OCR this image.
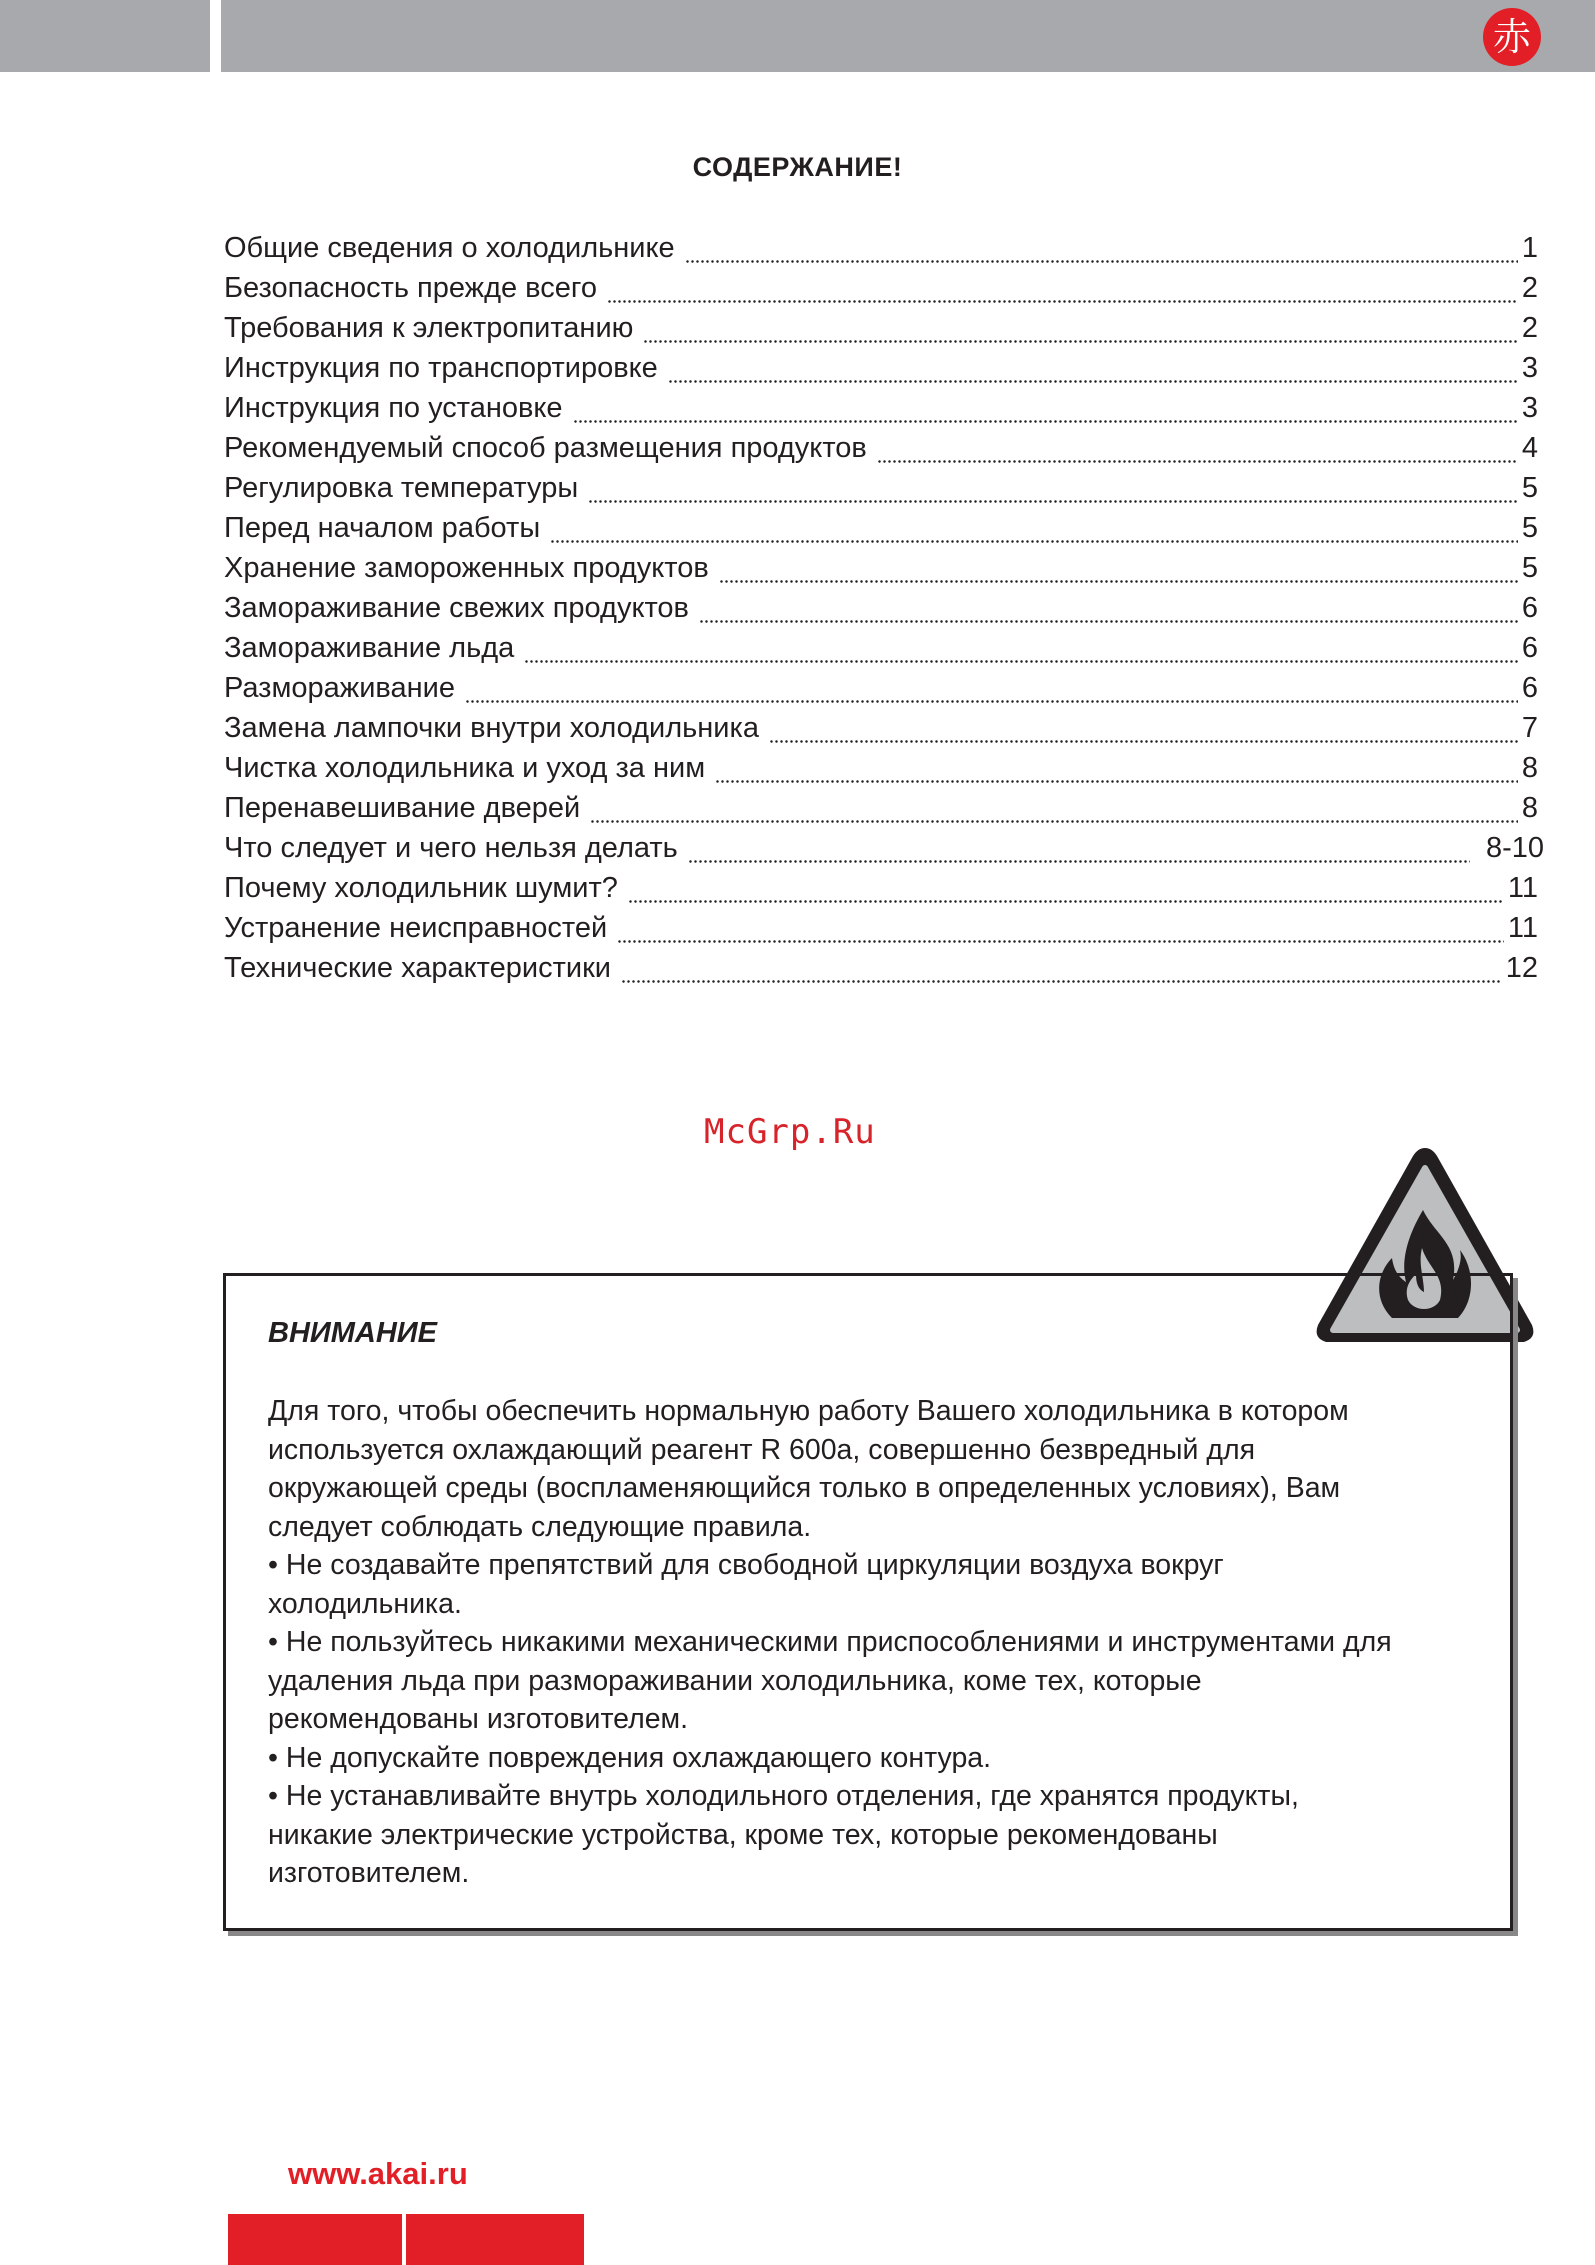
赤
СОДЕРЖАНИЕ!
Общие сведения о холодильнике	1
Безопасность прежде всего	2
Требования к электропитанию	2
Инструкция по транспортировке	3
Инструкция по установке	3
Рекомендуемый способ размещения продуктов	4
Регулировка температуры	5
Перед началом работы	5
Хранение замороженных продуктов	5
Замораживание свежих продуктов	6
Замораживание льда	6
Размораживание	6
Замена лампочки внутри холодильника	7
Чистка холодильника и уход за ним	8
Перенавешивание дверей	8
Что следует и чего нельзя делать	8-10
Почему холодильник шумит?	11
Устранение неисправностей	11
Технические характеристики	12
McGrp.Ru
ВНИМАНИЕ
Для того, чтобы обеспечить нормальную работу Вашего холодильника в котором
используется охлаждающий реагент R 600a, совершенно безвредный для
окружающей среды (воспламеняющийся только в определенных условиях), Вам
следует соблюдать следующие правила.
• Не создавайте препятствий для свободной циркуляции воздуха вокруг
холодильника.
• Не пользуйтесь никакими механическими приспособлениями и инструментами для
удаления льда при размораживании холодильника, коме тех, которые
рекомендованы изготовителем.
• Не допускайте повреждения охлаждающего контура.
• Не устанавливайте внутрь холодильного отделения, где хранятся продукты,
никакие электрические устройства, кроме тех, которые рекомендованы
изготовителем.
www.akai.ru
